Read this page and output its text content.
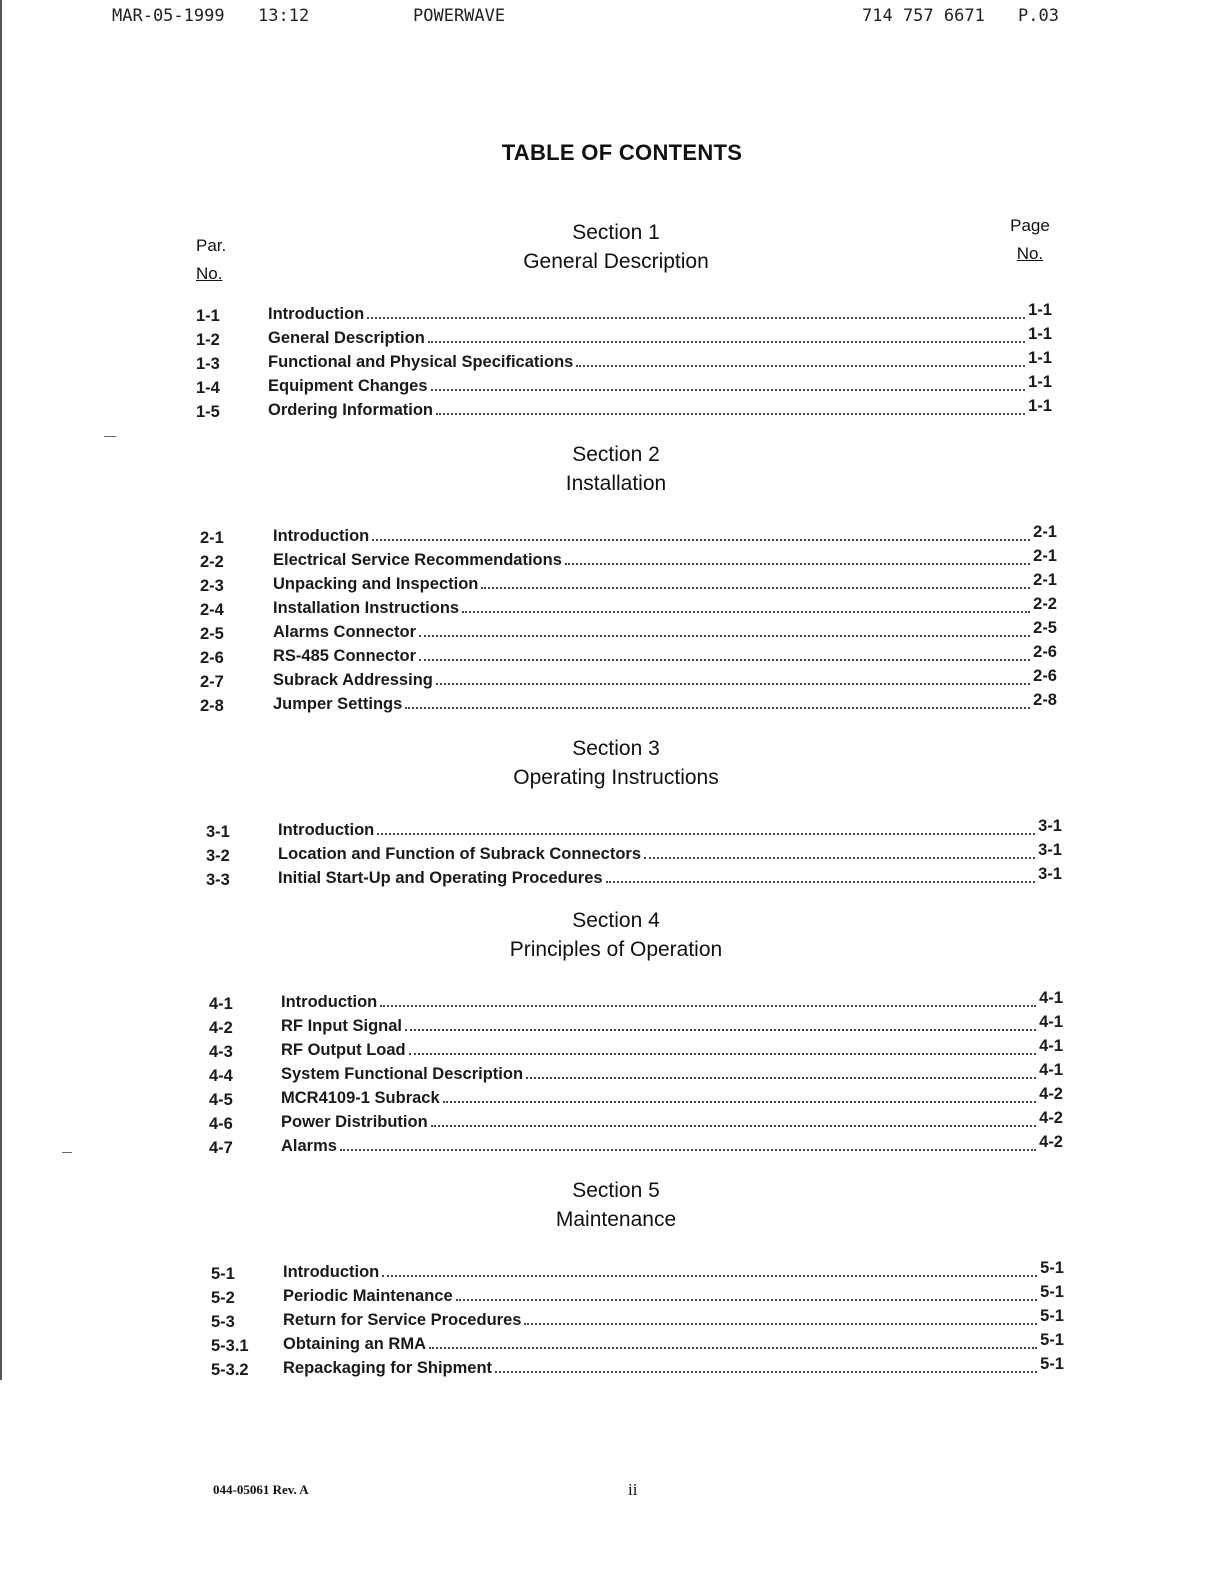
MAR-05-1999 13:12	POWERWAVE	714 757 6671 P.03
TABLE OF CONTENTS
Par.
No.
Page
No.
Section 1
General Description
1-1	Introduction	1-1
1-2	General Description	1-1
1-3	Functional and Physical Specifications	1-1
1-4	Equipment Changes	1-1
1-5	Ordering Information	1-1
Section 2
Installation
2-1	Introduction	2-1
2-2	Electrical Service Recommendations	2-1
2-3	Unpacking and Inspection	2-1
2-4	Installation Instructions	2-2
2-5	Alarms Connector	2-5
2-6	RS-485 Connector	2-6
2-7	Subrack Addressing	2-6
2-8	Jumper Settings	2-8
Section 3
Operating Instructions
3-1	Introduction	3-1
3-2	Location and Function of Subrack Connectors	3-1
3-3	Initial Start-Up and Operating Procedures	3-1
Section 4
Principles of Operation
4-1	Introduction	4-1
4-2	RF Input Signal	4-1
4-3	RF Output Load	4-1
4-4	System Functional Description	4-1
4-5	MCR4109-1 Subrack	4-2
4-6	Power Distribution	4-2
4-7	Alarms	4-2
Section 5
Maintenance
5-1	Introduction	5-1
5-2	Periodic Maintenance	5-1
5-3	Return for Service Procedures	5-1
5-3.1 Obtaining an RMA	5-1
5-3.2 Repackaging for Shipment	5-1
044-05061 Rev. A	ii
